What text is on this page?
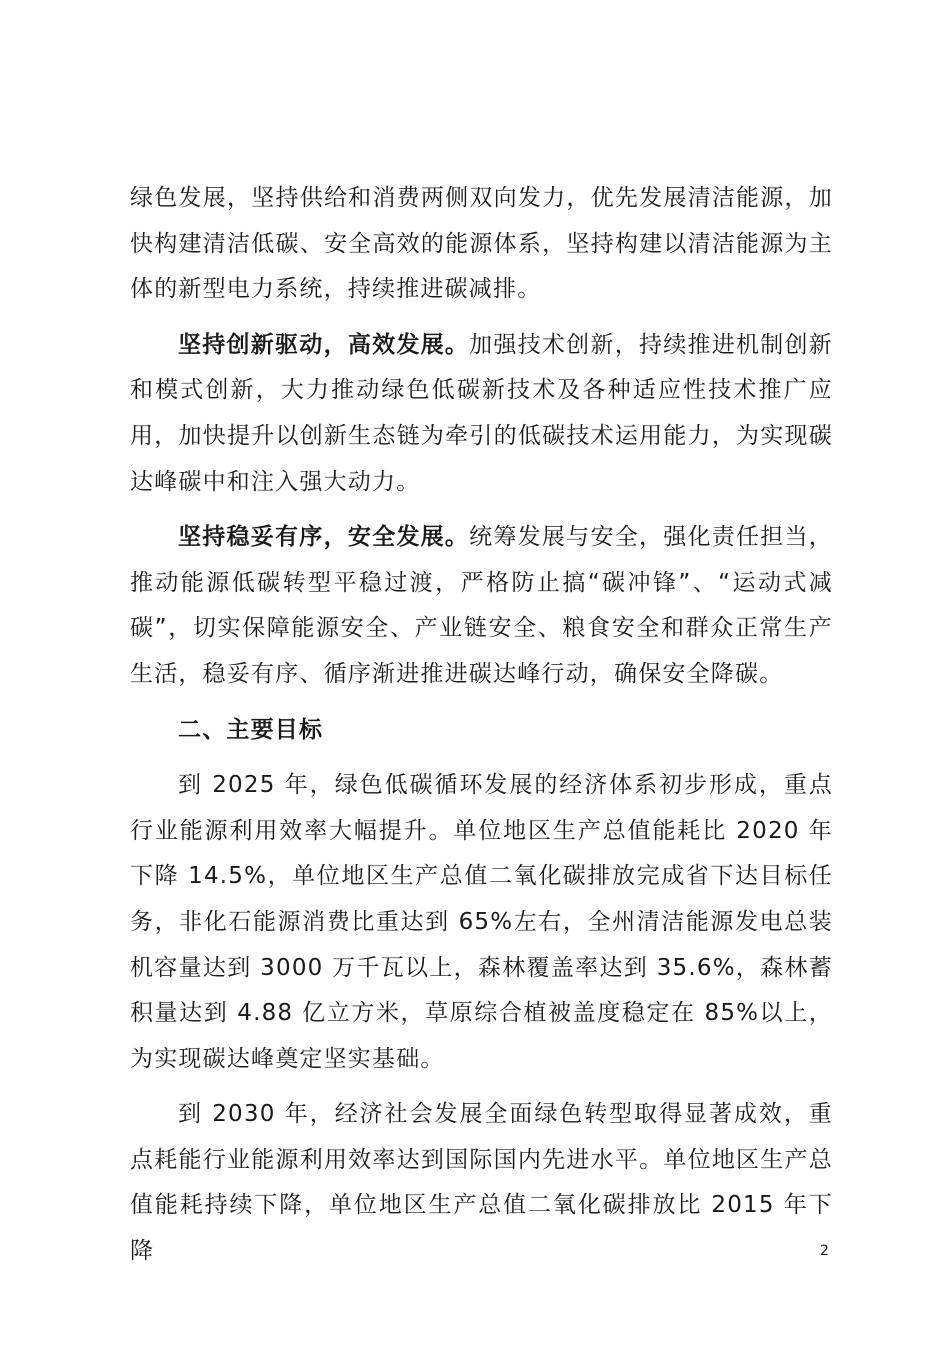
绿色发展，坚持供给和消费两侧双向发力，优先发展清洁能源，加快构建清洁低碳、安全高效的能源体系，坚持构建以清洁能源为主体的新型电力系统，持续推进碳减排。

坚持创新驱动，高效发展。加强技术创新，持续推进机制创新和模式创新，大力推动绿色低碳新技术及各种适应性技术推广应用，加快提升以创新生态链为牵引的低碳技术运用能力，为实现碳达峰碳中和注入强大动力。

坚持稳妥有序，安全发展。统筹发展与安全，强化责任担当，推动能源低碳转型平稳过渡，严格防止搞“碳冲锋”、“运动式减碳”，切实保障能源安全、产业链安全、粮食安全和群众正常生产生活，稳妥有序、循序渐进推进碳达峰行动，确保安全降碳。

二、主要目标

到 2025 年，绿色低碳循环发展的经济体系初步形成，重点行业能源利用效率大幅提升。单位地区生产总值能耗比 2020 年下降 14.5%，单位地区生产总值二氧化碳排放完成省下达目标任务，非化石能源消费比重达到 65%左右，全州清洁能源发电总装机容量达到 3000 万千瓦以上，森林覆盖率达到 35.6%，森林蓄积量达到 4.88 亿立方米，草原综合植被盖度稳定在 85%以上，为实现碳达峰奠定坚实基础。

到 2030 年，经济社会发展全面绿色转型取得显著成效，重点耗能行业能源利用效率达到国际国内先进水平。单位地区生产总值能耗持续下降，单位地区生产总值二氧化碳排放比 2015 年下降	2
